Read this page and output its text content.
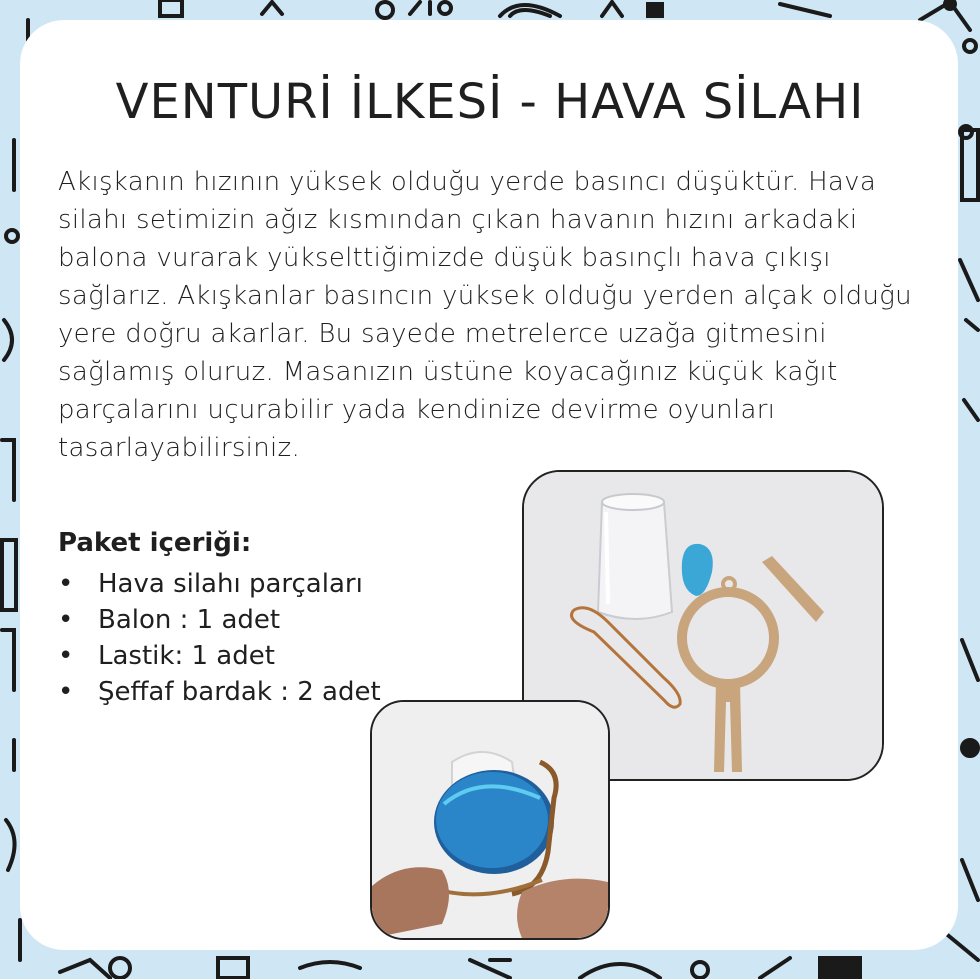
VENTURİ İLKESİ - HAVA SİLAHI

Akışkanın hızının yüksek olduğu yerde basıncı düşüktür. Hava silahı setimizin ağız kısmından çıkan havanın hızını arkadaki balona vurarak yükselttiğimizde düşük basınçlı hava çıkışı sağlarız. Akışkanlar basıncın yüksek olduğu yerden alçak olduğu yere doğru akarlar. Bu sayede metrelerce uzağa gitmesini sağlamış oluruz. Masanızın üstüne koyacağınız küçük kağıt parçalarını uçurabilir yada kendinize devirme oyunları tasarlayabilirsiniz.

Paket içeriği:
• Hava silahı parçaları
• Balon : 1 adet
• Lastik: 1 adet
• Şeffaf bardak : 2 adet
